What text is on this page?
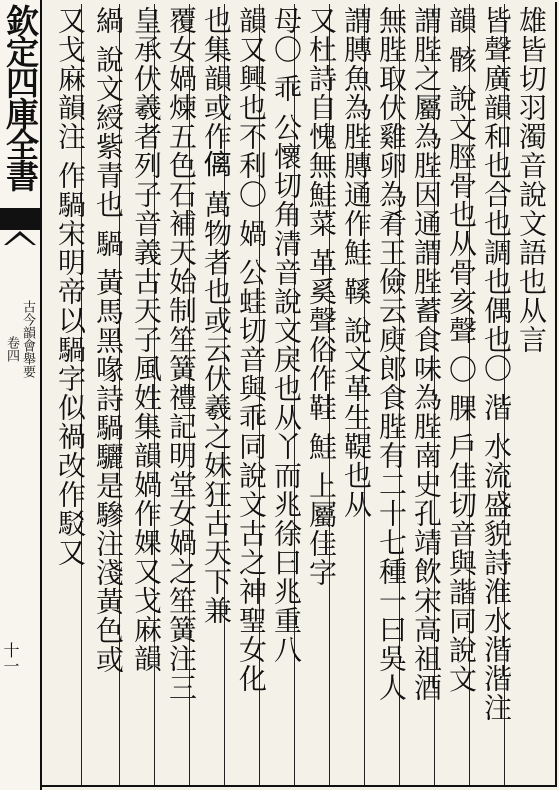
欽定四庫全書
古今韻會舉要
卷四
十一
雄皆切羽濁音說文語也从言
皆聲廣韻和也合也調也偶也〇 湝 水流盛貌詩淮水湝湝注
韻 骸 說文脛骨也从骨亥聲 〇 腂 戶佳切音與諧同說文
謂䏶之屬為䏶因通謂䏶蓄食味為䏶南史孔靖飲宋高祖酒
無䏶取伏雞卵為肴王儉云庾郎食䏶有二十七種一曰吳人
謂膞魚為䏶膞通作鮭 鞵 說文革生鞮也从
又杜詩自愧無鮭菜 革奚聲俗作鞋 鮭 上屬佳字
母〇 乖 公懷切角清音說文戾也从丫而兆徐曰兆重八
韻又興也不利〇 媧 公蛙切音與乖同說文古之神聖女化
也集韻或作𠌯 萬物者也或云伏羲之妹狂古天下兼
覆女媧煉五色石補天始制笙簧禮記明堂女媧之笙簧注三
皇承伏羲者列子音義古天子風姓集韻媧作婐又戈麻韻
緺 說文綬紫青也 騧 黃馬黑喙詩騧驪是驂注淺黃色或
又戈麻韻注 作騧宋明帝以騧字似禍改作駁又
